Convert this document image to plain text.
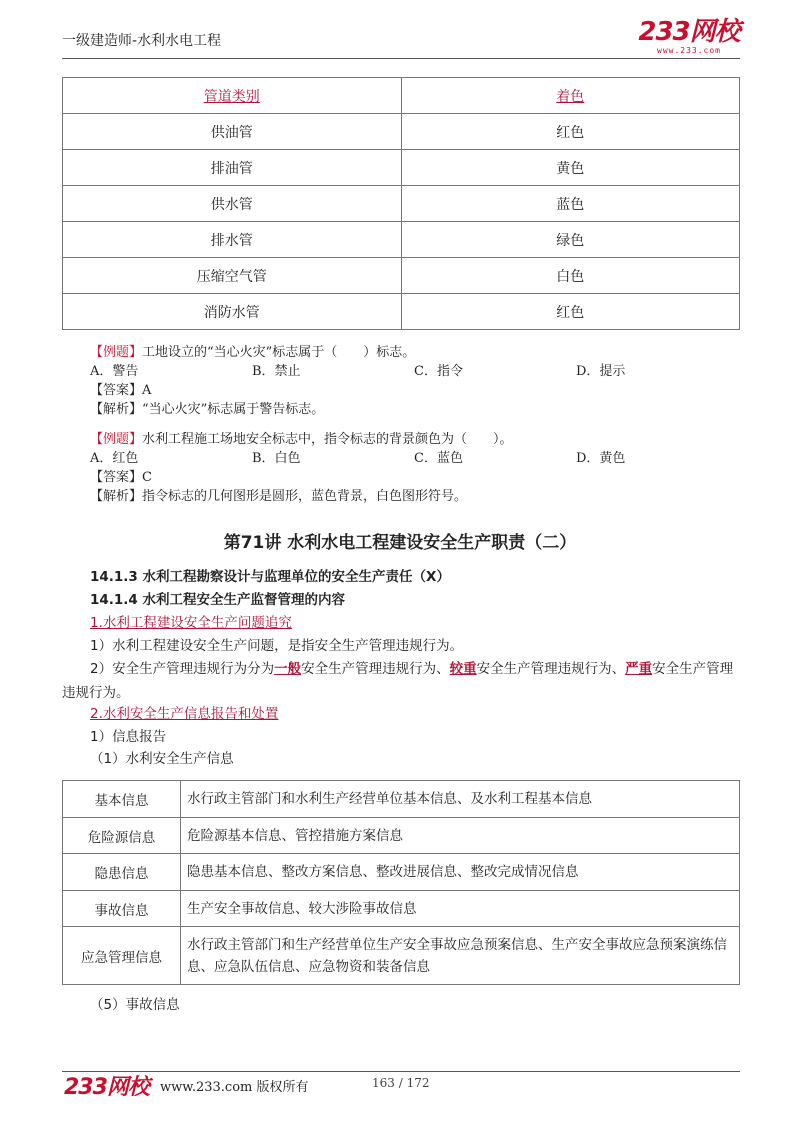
一级建造师-水利水电工程	233网校
www.233.com
管道类别	着色
供油管	红色
排油管	黄色
供水管	蓝色
排水管	绿色
压缩空气管	白色
消防水管	红色
【例题】工地设立的“当心火灾”标志属于（　　）标志。
A．警告	B．禁止	C．指令	D．提示
【答案】A
【解析】“当心火灾”标志属于警告标志。
【例题】水利工程施工场地安全标志中，指令标志的背景颜色为（　　）。
A．红色	B．白色	C．蓝色	D．黄色
【答案】C
【解析】指令标志的几何图形是圆形，蓝色背景，白色图形符号。
第71讲 水利水电工程建设安全生产职责（二）
14.1.3 水利工程勘察设计与监理单位的安全生产责任（X）
14.1.4 水利工程安全生产监督管理的内容
1.水利工程建设安全生产问题追究
1）水利工程建设安全生产问题，是指安全生产管理违规行为。
2）安全生产管理违规行为分为一般安全生产管理违规行为、较重安全生产管理违规行为、严重安全生产管理违规行为。
2.水利安全生产信息报告和处置
1）信息报告
（1）水利安全生产信息
基本信息	水行政主管部门和水利生产经营单位基本信息、及水利工程基本信息
危险源信息	危险源基本信息、管控措施方案信息
隐患信息	隐患基本信息、整改方案信息、整改进展信息、整改完成情况信息
事故信息	生产安全事故信息、较大涉险事故信息
应急管理信息	水行政主管部门和生产经营单位生产安全事故应急预案信息、生产安全事故应急预案演练信息、应急队伍信息、应急物资和装备信息
（5）事故信息
233网校 www.233.com 版权所有	163 / 172
